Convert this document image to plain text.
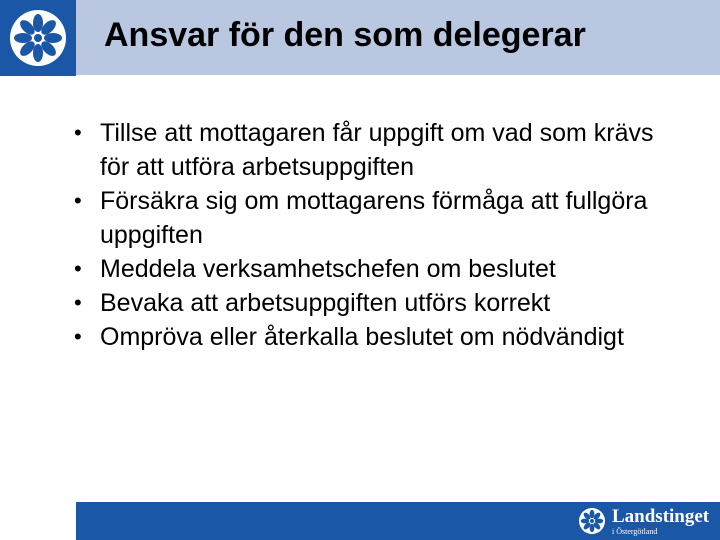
Ansvar för den som delegerar
• Tillse att mottagaren får uppgift om vad som krävs för att utföra arbetsuppgiften
• Försäkra sig om mottagarens förmåga att fullgöra uppgiften
• Meddela verksamhetschefen om beslutet
• Bevaka att arbetsuppgiften utförs korrekt
• Ompröva eller återkalla beslutet om nödvändigt
Landstinget
i Östergötland
